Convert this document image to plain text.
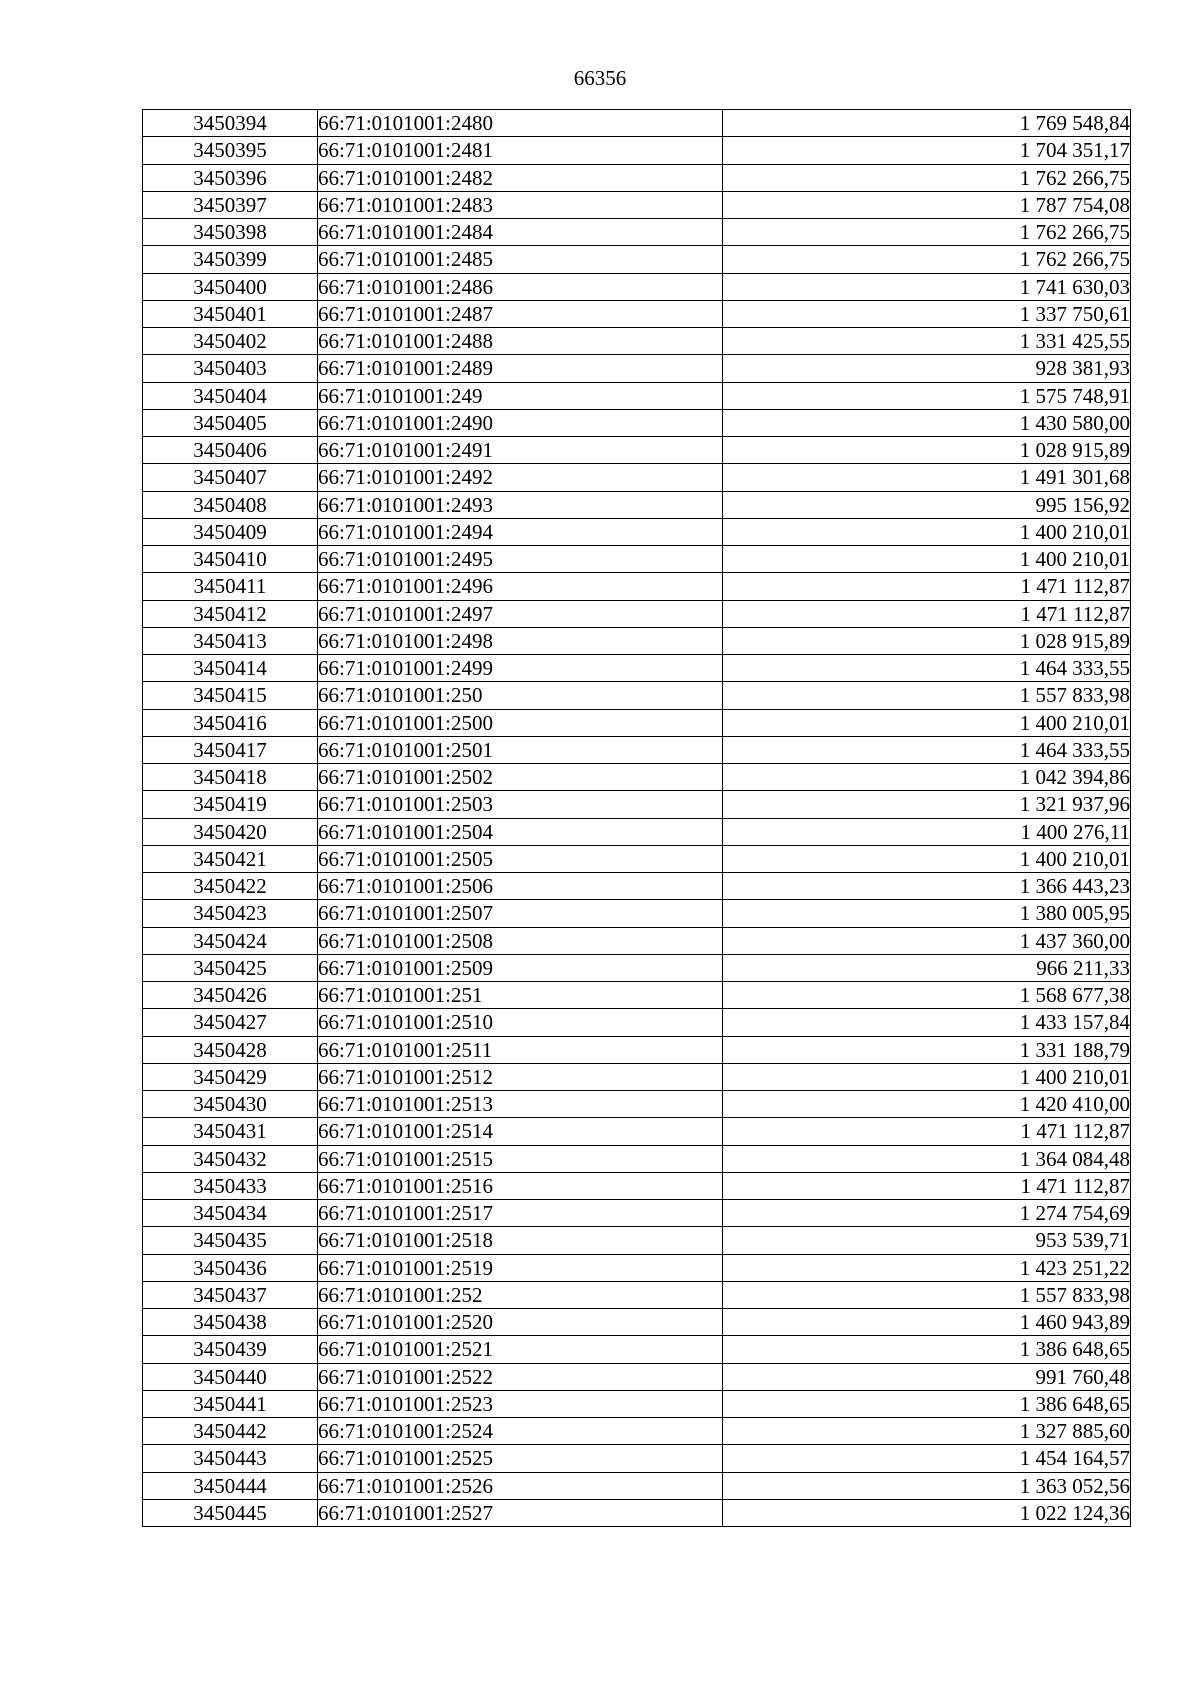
66356
3450394	66:71:0101001:2480	1 769 548,84
3450395	66:71:0101001:2481	1 704 351,17
3450396	66:71:0101001:2482	1 762 266,75
3450397	66:71:0101001:2483	1 787 754,08
3450398	66:71:0101001:2484	1 762 266,75
3450399	66:71:0101001:2485	1 762 266,75
3450400	66:71:0101001:2486	1 741 630,03
3450401	66:71:0101001:2487	1 337 750,61
3450402	66:71:0101001:2488	1 331 425,55
3450403	66:71:0101001:2489	928 381,93
3450404	66:71:0101001:249	1 575 748,91
3450405	66:71:0101001:2490	1 430 580,00
3450406	66:71:0101001:2491	1 028 915,89
3450407	66:71:0101001:2492	1 491 301,68
3450408	66:71:0101001:2493	995 156,92
3450409	66:71:0101001:2494	1 400 210,01
3450410	66:71:0101001:2495	1 400 210,01
3450411	66:71:0101001:2496	1 471 112,87
3450412	66:71:0101001:2497	1 471 112,87
3450413	66:71:0101001:2498	1 028 915,89
3450414	66:71:0101001:2499	1 464 333,55
3450415	66:71:0101001:250	1 557 833,98
3450416	66:71:0101001:2500	1 400 210,01
3450417	66:71:0101001:2501	1 464 333,55
3450418	66:71:0101001:2502	1 042 394,86
3450419	66:71:0101001:2503	1 321 937,96
3450420	66:71:0101001:2504	1 400 276,11
3450421	66:71:0101001:2505	1 400 210,01
3450422	66:71:0101001:2506	1 366 443,23
3450423	66:71:0101001:2507	1 380 005,95
3450424	66:71:0101001:2508	1 437 360,00
3450425	66:71:0101001:2509	966 211,33
3450426	66:71:0101001:251	1 568 677,38
3450427	66:71:0101001:2510	1 433 157,84
3450428	66:71:0101001:2511	1 331 188,79
3450429	66:71:0101001:2512	1 400 210,01
3450430	66:71:0101001:2513	1 420 410,00
3450431	66:71:0101001:2514	1 471 112,87
3450432	66:71:0101001:2515	1 364 084,48
3450433	66:71:0101001:2516	1 471 112,87
3450434	66:71:0101001:2517	1 274 754,69
3450435	66:71:0101001:2518	953 539,71
3450436	66:71:0101001:2519	1 423 251,22
3450437	66:71:0101001:252	1 557 833,98
3450438	66:71:0101001:2520	1 460 943,89
3450439	66:71:0101001:2521	1 386 648,65
3450440	66:71:0101001:2522	991 760,48
3450441	66:71:0101001:2523	1 386 648,65
3450442	66:71:0101001:2524	1 327 885,60
3450443	66:71:0101001:2525	1 454 164,57
3450444	66:71:0101001:2526	1 363 052,56
3450445	66:71:0101001:2527	1 022 124,36
